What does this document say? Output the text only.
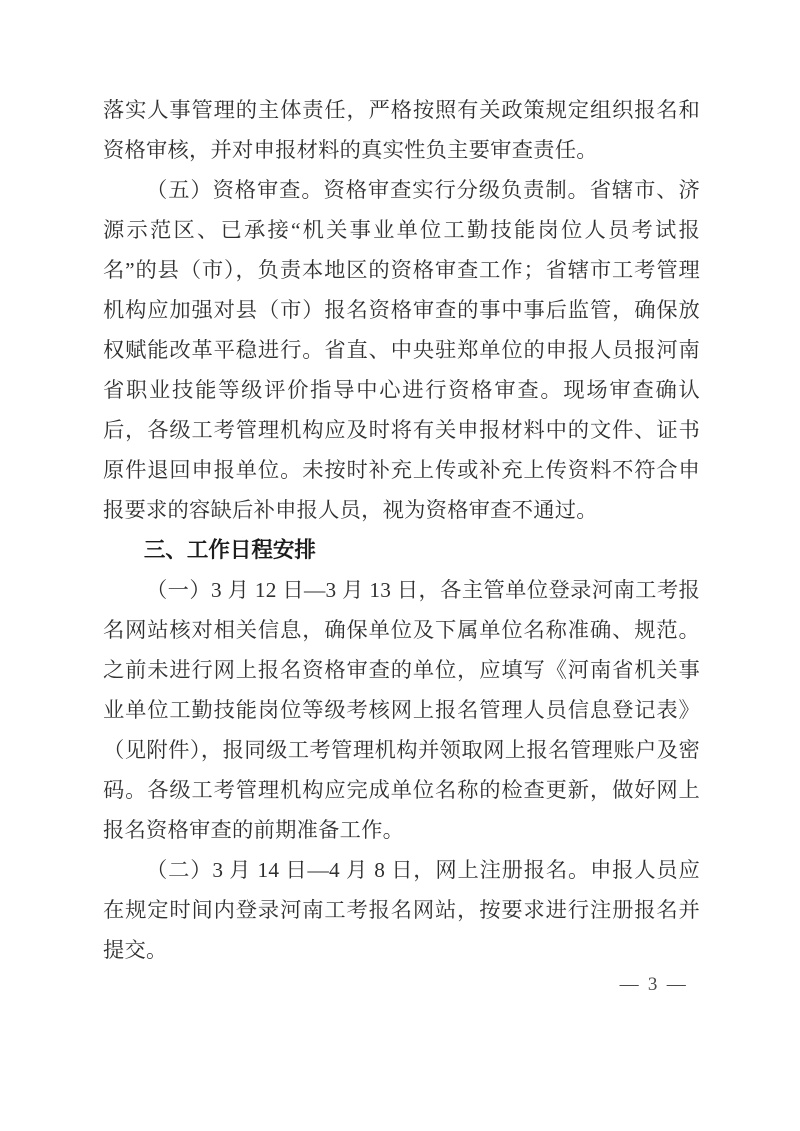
落实人事管理的主体责任，严格按照有关政策规定组织报名和资格审核，并对申报材料的真实性负主要审查责任。

（五）资格审查。资格审查实行分级负责制。省辖市、济源示范区、已承接“机关事业单位工勤技能岗位人员考试报名”的县（市），负责本地区的资格审查工作；省辖市工考管理机构应加强对县（市）报名资格审查的事中事后监管，确保放权赋能改革平稳进行。省直、中央驻郑单位的申报人员报河南省职业技能等级评价指导中心进行资格审查。现场审查确认后，各级工考管理机构应及时将有关申报材料中的文件、证书原件退回申报单位。未按时补充上传或补充上传资料不符合申报要求的容缺后补申报人员，视为资格审查不通过。

三、工作日程安排

（一）3 月 12 日—3 月 13 日，各主管单位登录河南工考报名网站核对相关信息，确保单位及下属单位名称准确、规范。之前未进行网上报名资格审查的单位，应填写《河南省机关事业单位工勤技能岗位等级考核网上报名管理人员信息登记表》（见附件），报同级工考管理机构并领取网上报名管理账户及密码。各级工考管理机构应完成单位名称的检查更新，做好网上报名资格审查的前期准备工作。

（二）3 月 14 日—4 月 8 日，网上注册报名。申报人员应在规定时间内登录河南工考报名网站，按要求进行注册报名并提交。

— 3 —
